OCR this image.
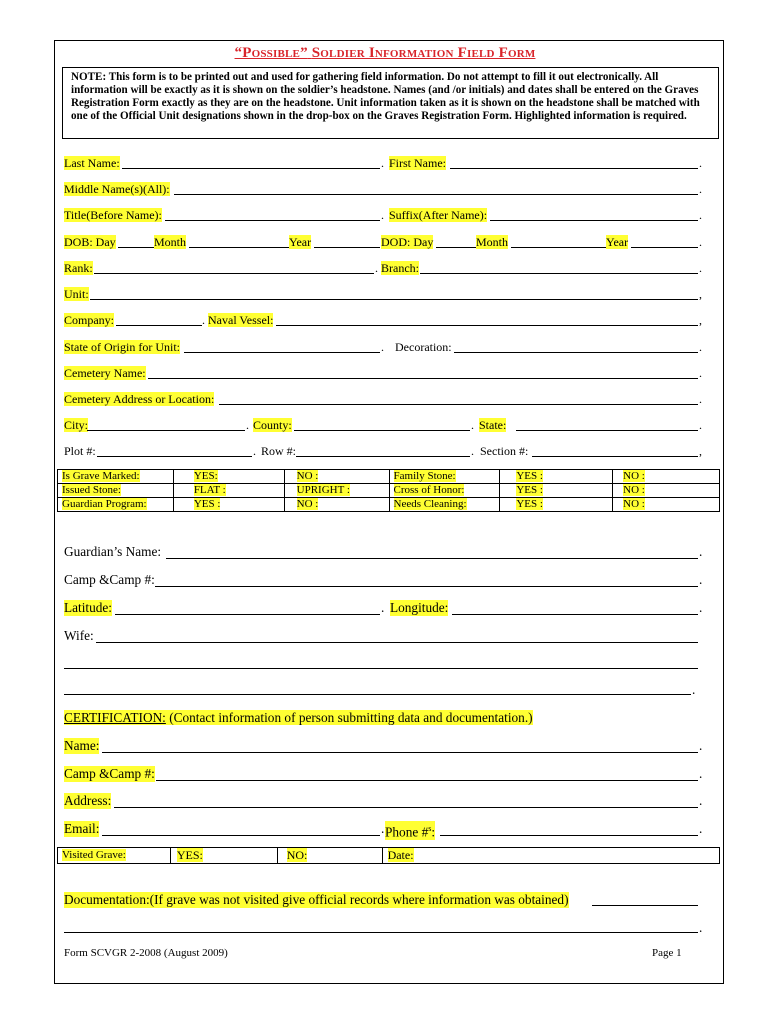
“Possible” Soldier Information Field Form
NOTE: This form is to be printed out and used for gathering field information. Do not attempt to fill it out electronically. All information will be exactly as it is shown on the soldier’s headstone. Names (and /or initials) and dates shall be entered on the Graves Registration Form exactly as they are on the headstone. Unit information taken as it is shown on the headstone shall be matched with one of the Official Unit designations shown in the drop-box on the Graves Registration Form. Highlighted information is required.
Last Name:	. First Name:	.
Middle Name(s)(All):	.
Title(Before Name):	. Suffix(After Name):	.
DOB: Day	Month	Year	DOD: Day	Month	Year	.
Rank:	. Branch:	.
Unit:	,
Company:	. Naval Vessel:	,
State of Origin for Unit:	. Decoration:	.
Cemetery Name:	.
Cemetery Address or Location:	.
City:	. County:	. State:	.
Plot #:	. Row #:	. Section #:	,
Is Grave Marked:	YES:	NO :	Family Stone:	YES :	NO :
Issued Stone:	FLAT :	UPRIGHT :	Cross of Honor:	YES :	NO :
Guardian Program:	YES :	NO :	Needs Cleaning:	YES :	NO :
Guardian’s Name:	.
Camp &Camp #:	.
Latitude:	. Longitude:	.
Wife:
.
CERTIFICATION: (Contact information of person submitting data and documentation.)
Name:	.
Camp &Camp #:	.
Address:	.
Email:	. Phone #$^s$:	.
Visited Grave:	YES:	NO:	Date:
Documentation:(If grave was not visited give official records where information was obtained)
.
Form SCVGR 2-2008 (August 2009)	Page 1
